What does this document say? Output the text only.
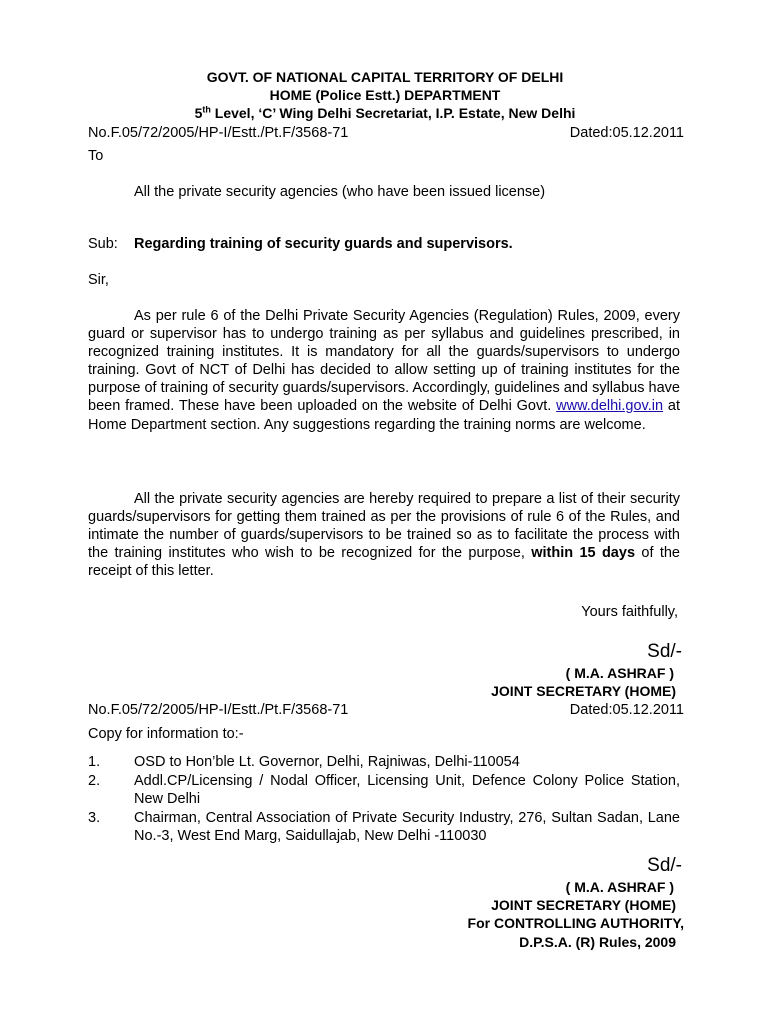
GOVT. OF NATIONAL CAPITAL TERRITORY OF DELHI
HOME (Police Estt.) DEPARTMENT
5th Level, ‘C’ Wing Delhi Secretariat, I.P. Estate, New Delhi
No.F.05/72/2005/HP-I/Estt./Pt.F/3568-71	Dated:05.12.2011
To
All the private security agencies (who have been issued license)
Sub: Regarding training of security guards and supervisors.
Sir,
As per rule 6 of the Delhi Private Security Agencies (Regulation) Rules, 2009, every guard or supervisor has to undergo training as per syllabus and guidelines prescribed, in recognized training institutes. It is mandatory for all the guards/supervisors to undergo training. Govt of NCT of Delhi has decided to allow setting up of training institutes for the purpose of training of security guards/supervisors. Accordingly, guidelines and syllabus have been framed. These have been uploaded on the website of Delhi Govt. www.delhi.gov.in at Home Department section. Any suggestions regarding the training norms are welcome.
All the private security agencies are hereby required to prepare a list of their security guards/supervisors for getting them trained as per the provisions of rule 6 of the Rules, and intimate the number of guards/supervisors to be trained so as to facilitate the process with the training institutes who wish to be recognized for the purpose, within 15 days of the receipt of this letter.
Yours faithfully,
Sd/-
( M.A. ASHRAF )
JOINT SECRETARY (HOME)
No.F.05/72/2005/HP-I/Estt./Pt.F/3568-71	Dated:05.12.2011
Copy for information to:-
1. OSD to Hon’ble Lt. Governor, Delhi, Rajniwas, Delhi-110054
2. Addl.CP/Licensing / Nodal Officer, Licensing Unit, Defence Colony Police Station, New Delhi
3. Chairman, Central Association of Private Security Industry, 276, Sultan Sadan, Lane No.-3, West End Marg, Saidullajab, New Delhi -110030
Sd/-
( M.A. ASHRAF )
JOINT SECRETARY (HOME)
For CONTROLLING AUTHORITY,
D.P.S.A. (R) Rules, 2009
